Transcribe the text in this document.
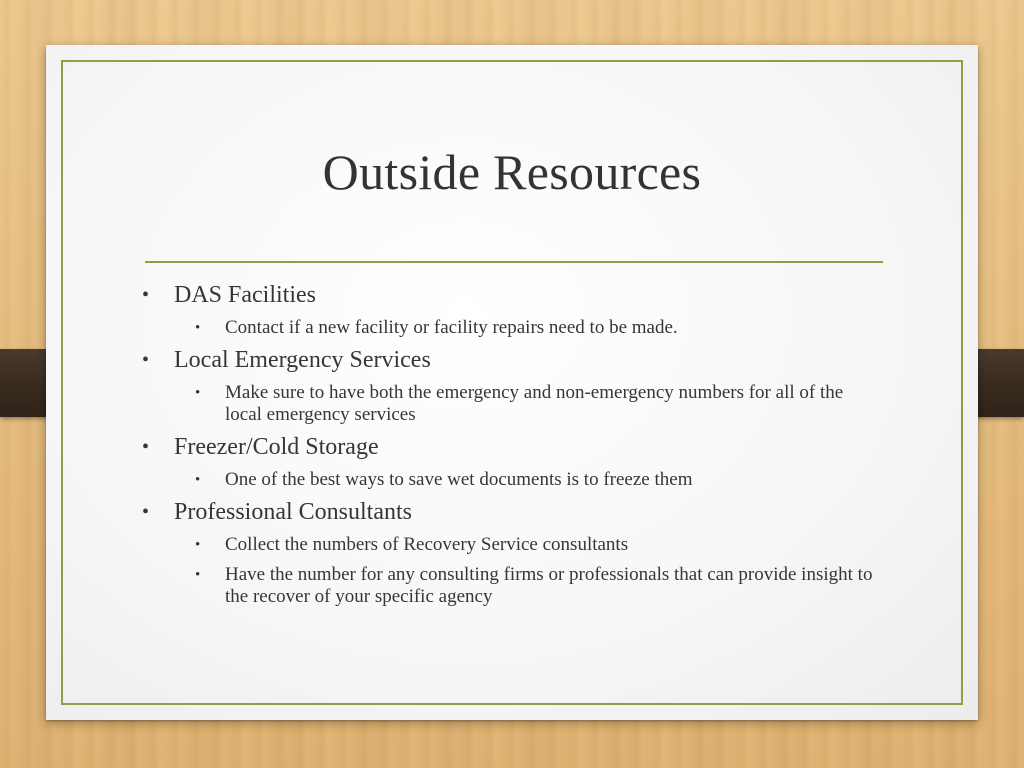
Outside Resources
• DAS Facilities
• Contact if a new facility or facility repairs need to be made.
• Local Emergency Services
• Make sure to have both the emergency and non-emergency numbers for all of the local emergency services
• Freezer/Cold Storage
• One of the best ways to save wet documents is to freeze them
• Professional Consultants
• Collect the numbers of Recovery Service consultants
• Have the number for any consulting firms or professionals that can provide insight to the recover of your specific agency
